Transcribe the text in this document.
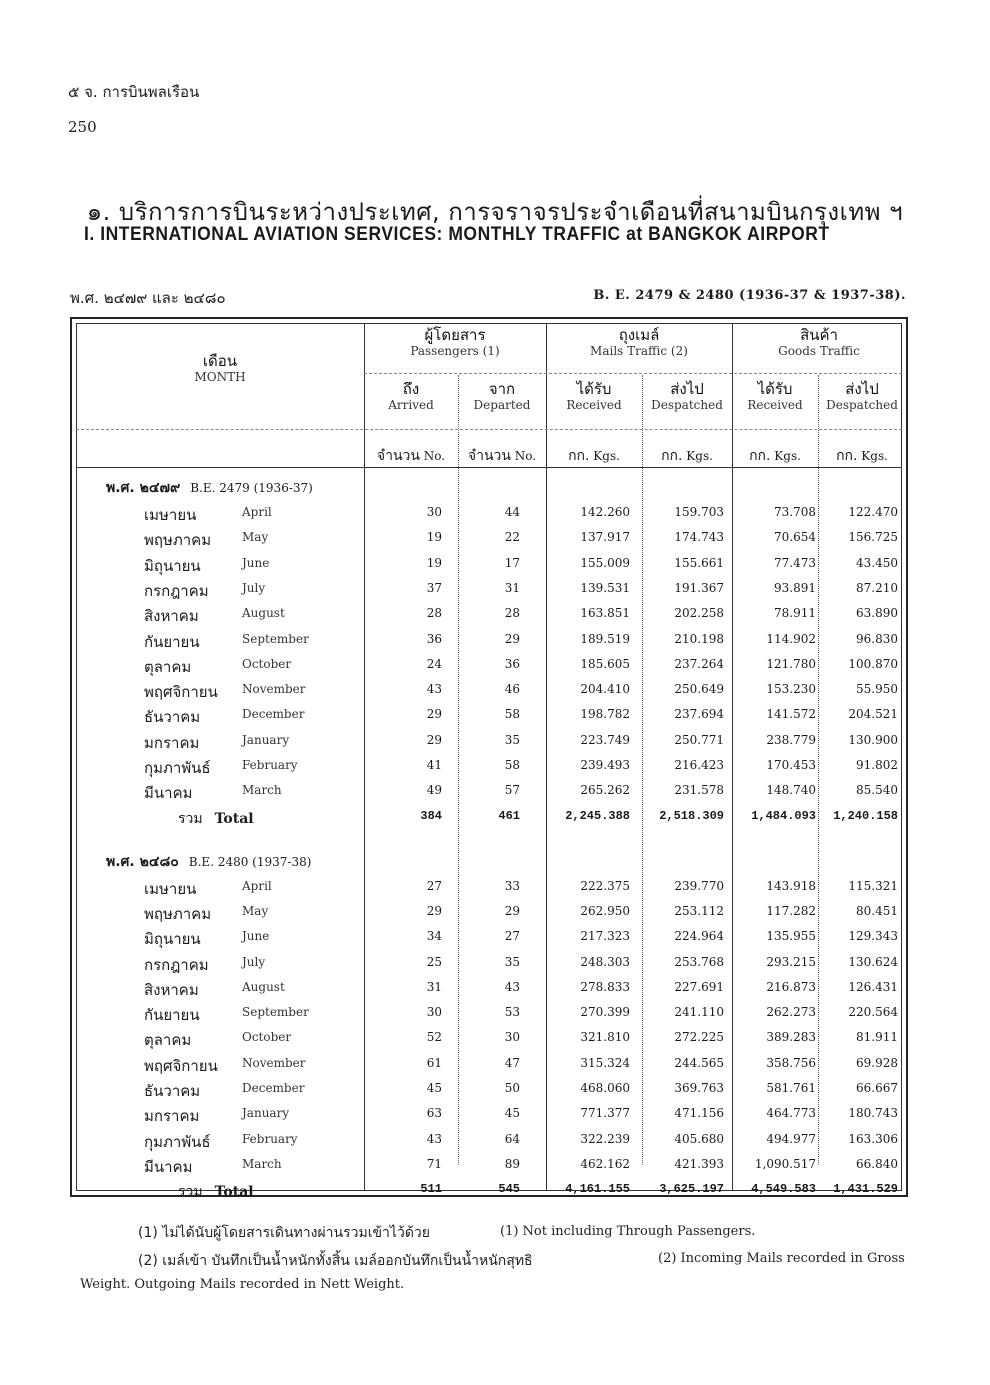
๕ จ. การบินพลเรือน
250
๑. บริการการบินระหว่างประเทศ, การจราจรประจำเดือนที่สนามบินกรุงเทพ ฯ
I. INTERNATIONAL AVIATION SERVICES: MONTHLY TRAFFIC at BANGKOK AIRPORT
พ.ศ. ๒๔๗๙ และ ๒๔๘๐	B. E. 2479 & 2480 (1936-37 & 1937-38).
เดือน
MONTH
ผู้โดยสาร
Passengers (1)
ถุงเมล์
Mails Traffic (2)
สินค้า
Goods Traffic
ถึง
Arrived
จาก
Departed
ได้รับ
Received
ส่งไป
Despatched
ได้รับ
Received
ส่งไป
Despatched
จำนวน No.	จำนวน No.	กก. Kgs.	กก. Kgs.	กก. Kgs.	กก. Kgs.
พ.ศ. ๒๔๗๙ B.E. 2479 (1936-37)
เมษายน	April	30	44	142.260	159.703	73.708	122.470
พฤษภาคม	May	19	22	137.917	174.743	70.654	156.725
มิถุนายน	June	19	17	155.009	155.661	77.473	43.450
กรกฎาคม	July	37	31	139.531	191.367	93.891	87.210
สิงหาคม	August	28	28	163.851	202.258	78.911	63.890
กันยายน	September	36	29	189.519	210.198	114.902	96.830
ตุลาคม	October	24	36	185.605	237.264	121.780	100.870
พฤศจิกายน November	43	46	204.410	250.649	153.230	55.950
ธันวาคม	December	29	58	198.782	237.694	141.572	204.521
มกราคม	January	29	35	223.749	250.771	238.779	130.900
กุมภาพันธ์	February	41	58	239.493	216.423	170.453	91.802
มีนาคม	March	49	57	265.262	231.578	148.740	85.540
รวม Total	384	461	2,245.388 2,518.309 1,484.093 1,240.158
พ.ศ. ๒๔๘๐ B.E. 2480 (1937-38)
เมษายน	April	27	33	222.375	239.770	143.918	115.321
พฤษภาคม	May	29	29	262.950	253.112	117.282	80.451
มิถุนายน	June	34	27	217.323	224.964	135.955	129.343
กรกฎาคม	July	25	35	248.303	253.768	293.215	130.624
สิงหาคม	August	31	43	278.833	227.691	216.873	126.431
กันยายน	September	30	53	270.399	241.110	262.273	220.564
ตุลาคม	October	52	30	321.810	272.225	389.283	81.911
พฤศจิกายน November	61	47	315.324	244.565	358.756	69.928
ธันวาคม	December	45	50	468.060	369.763	581.761	66.667
มกราคม	January	63	45	771.377	471.156	464.773	180.743
กุมภาพันธ์	February	43	64	322.239	405.680	494.977	163.306
มีนาคม	March	71	89	462.162	421.393	1,090.517	66.840
รวม Total	511	545	4,161.155 3,625.197 4,549.583 1,431.529
(1) ไม่ได้นับผู้โดยสารเดินทางผ่านรวมเข้าไว้ด้วย	(1) Not including Through Passengers.
(2) เมล์เข้า บันทึกเป็นน้ำหนักทั้งสิ้น เมล์ออกบันทึกเป็นน้ำหนักสุทธิ	(2) Incoming Mails recorded in Gross
Weight. Outgoing Mails recorded in Nett Weight.
